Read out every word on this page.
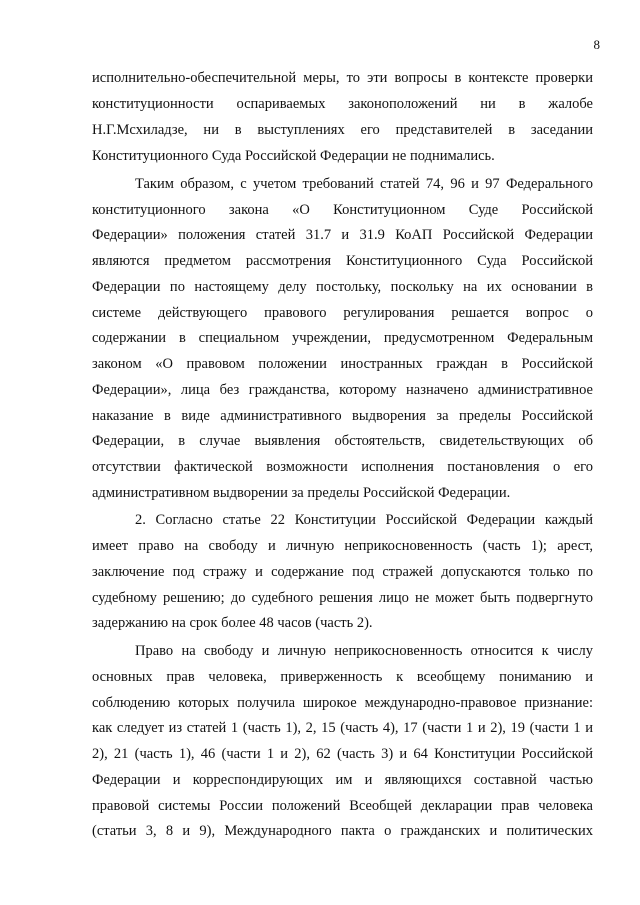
8
исполнительно-обеспечительной меры, то эти вопросы в контексте проверки
конституционности оспариваемых законоположений ни в жалобе
Н.Г.Мсхиладзе, ни в выступлениях его представителей в заседании
Конституционного Суда Российской Федерации не поднимались.
Таким образом, с учетом требований статей 74, 96 и 97 Федерального
конституционного закона «О Конституционном Суде Российской
Федерации» положения статей 31.7 и 31.9 КоАП Российской Федерации
являются предметом рассмотрения Конституционного Суда Российской
Федерации по настоящему делу постольку, поскольку на их основании в
системе действующего правового регулирования решается вопрос о
содержании в специальном учреждении, предусмотренном Федеральным
законом «О правовом положении иностранных граждан в Российской
Федерации», лица без гражданства, которому назначено административное
наказание в виде административного выдворения за пределы Российской
Федерации, в случае выявления обстоятельств, свидетельствующих об
отсутствии фактической возможности исполнения постановления о его
административном выдворении за пределы Российской Федерации.
2. Согласно статье 22 Конституции Российской Федерации каждый
имеет право на свободу и личную неприкосновенность (часть 1); арест,
заключение под стражу и содержание под стражей допускаются только по
судебному решению; до судебного решения лицо не может быть подвергнуто
задержанию на срок более 48 часов (часть 2).
Право на свободу и личную неприкосновенность относится к числу
основных прав человека, приверженность к всеобщему пониманию и
соблюдению которых получила широкое международно-правовое признание:
как следует из статей 1 (часть 1), 2, 15 (часть 4), 17 (части 1 и 2), 19 (части 1 и
2), 21 (часть 1), 46 (части 1 и 2), 62 (часть 3) и 64 Конституции Российской
Федерации и корреспондирующих им и являющихся составной частью
правовой системы России положений Всеобщей декларации прав человека
(статьи 3, 8 и 9), Международного пакта о гражданских и политических
